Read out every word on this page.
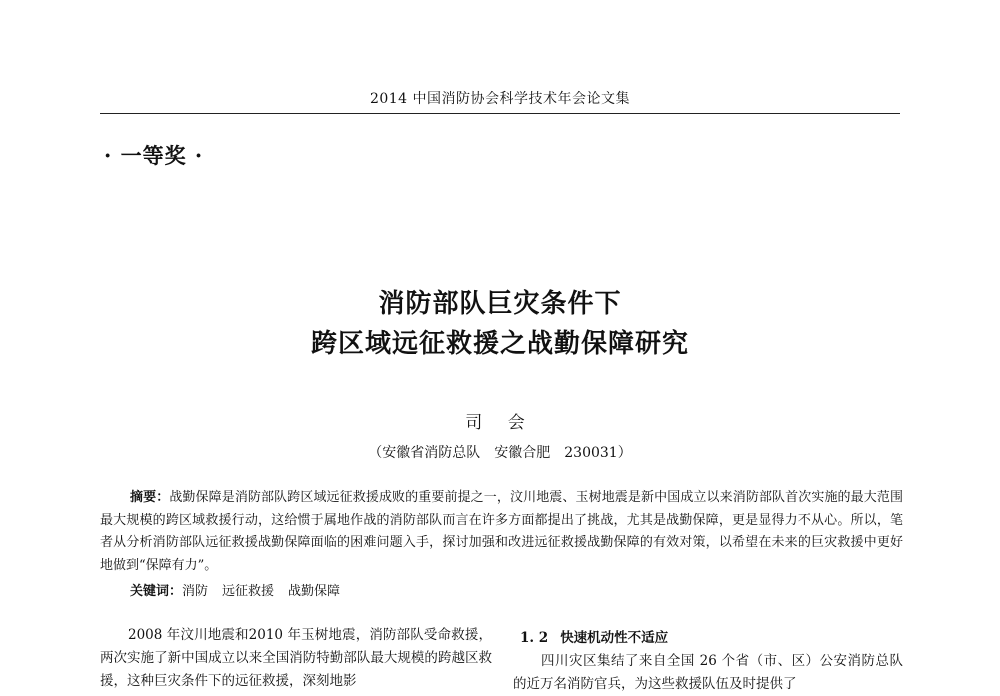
2014 中国消防协会科学技术年会论文集
· 一等奖 ·
消防部队巨灾条件下
跨区域远征救援之战勤保障研究
司 会
（安徽省消防总队　安徽合肥　230031）

摘要：战勤保障是消防部队跨区域远征救援成败的重要前提之一，汶川地震、玉树地震是新中国成立以来消防部队首次实施的最大范围最大规模的跨区域救援行动，这给惯于属地作战的消防部队而言在许多方面都提出了挑战，尤其是战勤保障，更是显得力不从心。所以，笔者从分析消防部队远征救援战勤保障面临的困难问题入手，探讨加强和改进远征救援战勤保障的有效对策，以希望在未来的巨灾救援中更好地做到“保障有力”。

关键词：消防 远征救援 战勤保障

2008 年汶川地震和2010 年玉树地震，消防部队受命救援，两次实施了新中国成立以来全国消防特勤部队最大规模的跨越区救援，这种巨灾条件下的远征救援，深刻地影

1. 2 快速机动性不适应

四川灾区集结了来自全国 26 个省（市、区）公安消防总队的近万名消防官兵，为这些救援队伍及时提供了
